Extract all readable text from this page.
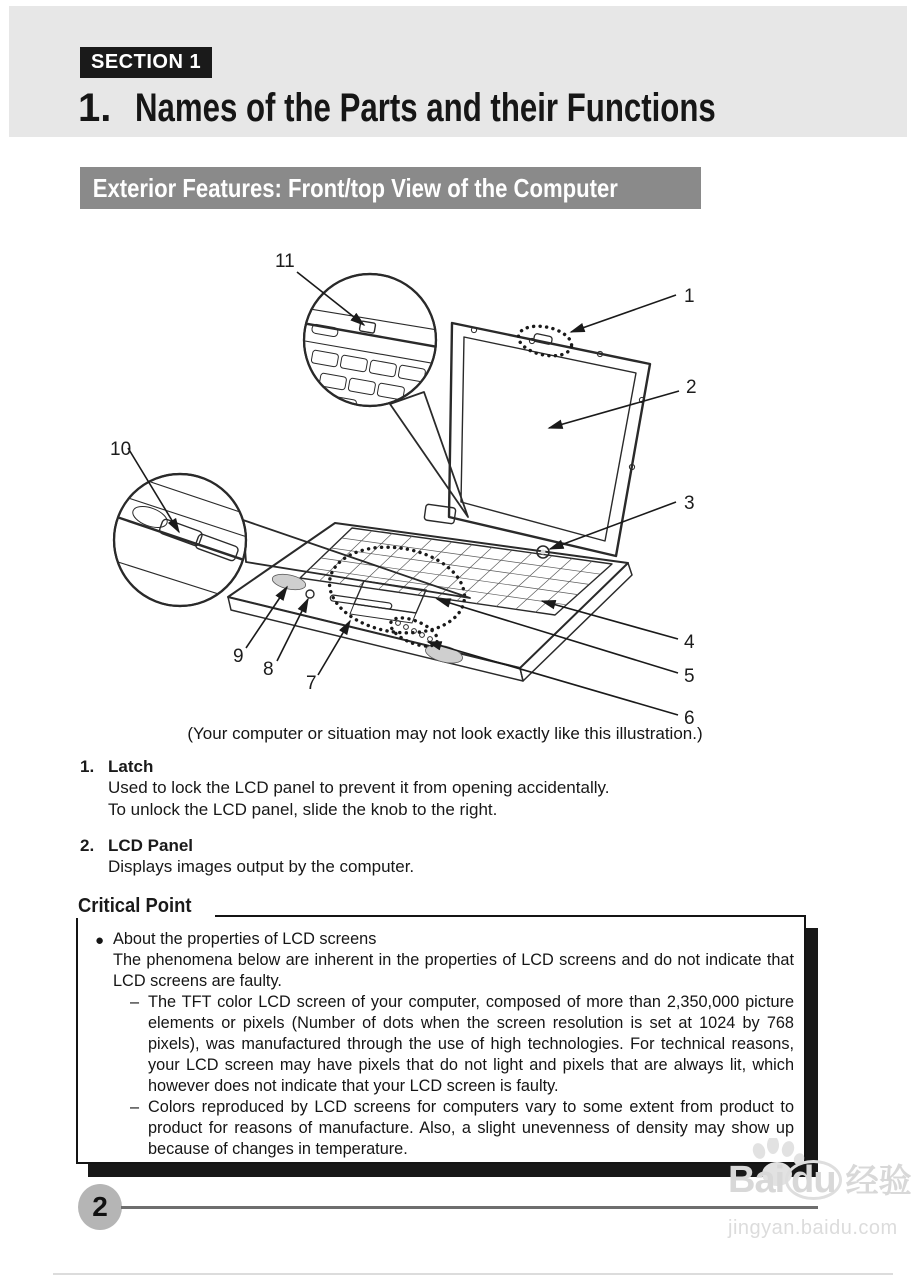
SECTION 1
1. Names of the Parts and their Functions
Exterior Features: Front/top View of the Computer
1
2
3
4
5
6
7
8
9
10
11
(Your computer or situation may not look exactly like this illustration.)
1. Latch
Used to lock the LCD panel to prevent it from opening accidentally.
To unlock the LCD panel, slide the knob to the right.
2. LCD Panel
Displays images output by the computer.
Critical Point
● About the properties of LCD screens
The phenomena below are inherent in the properties of LCD screens and do not indicate that LCD screens are faulty.
– The TFT color LCD screen of your computer, composed of more than 2,350,000 picture elements or pixels (Number of dots when the screen resolution is set at 1024 by 768 pixels), was manufactured through the use of high technologies. For technical reasons, your LCD screen may have pixels that do not light and pixels that are always lit, which however does not indicate that your LCD screen is faulty.
– Colors reproduced by LCD screens for computers vary to some extent from product to product for reasons of manufacture. Also, a slight unevenness of density may show up because of changes in temperature.
2
Bai du 经验
jingyan.baidu.com
